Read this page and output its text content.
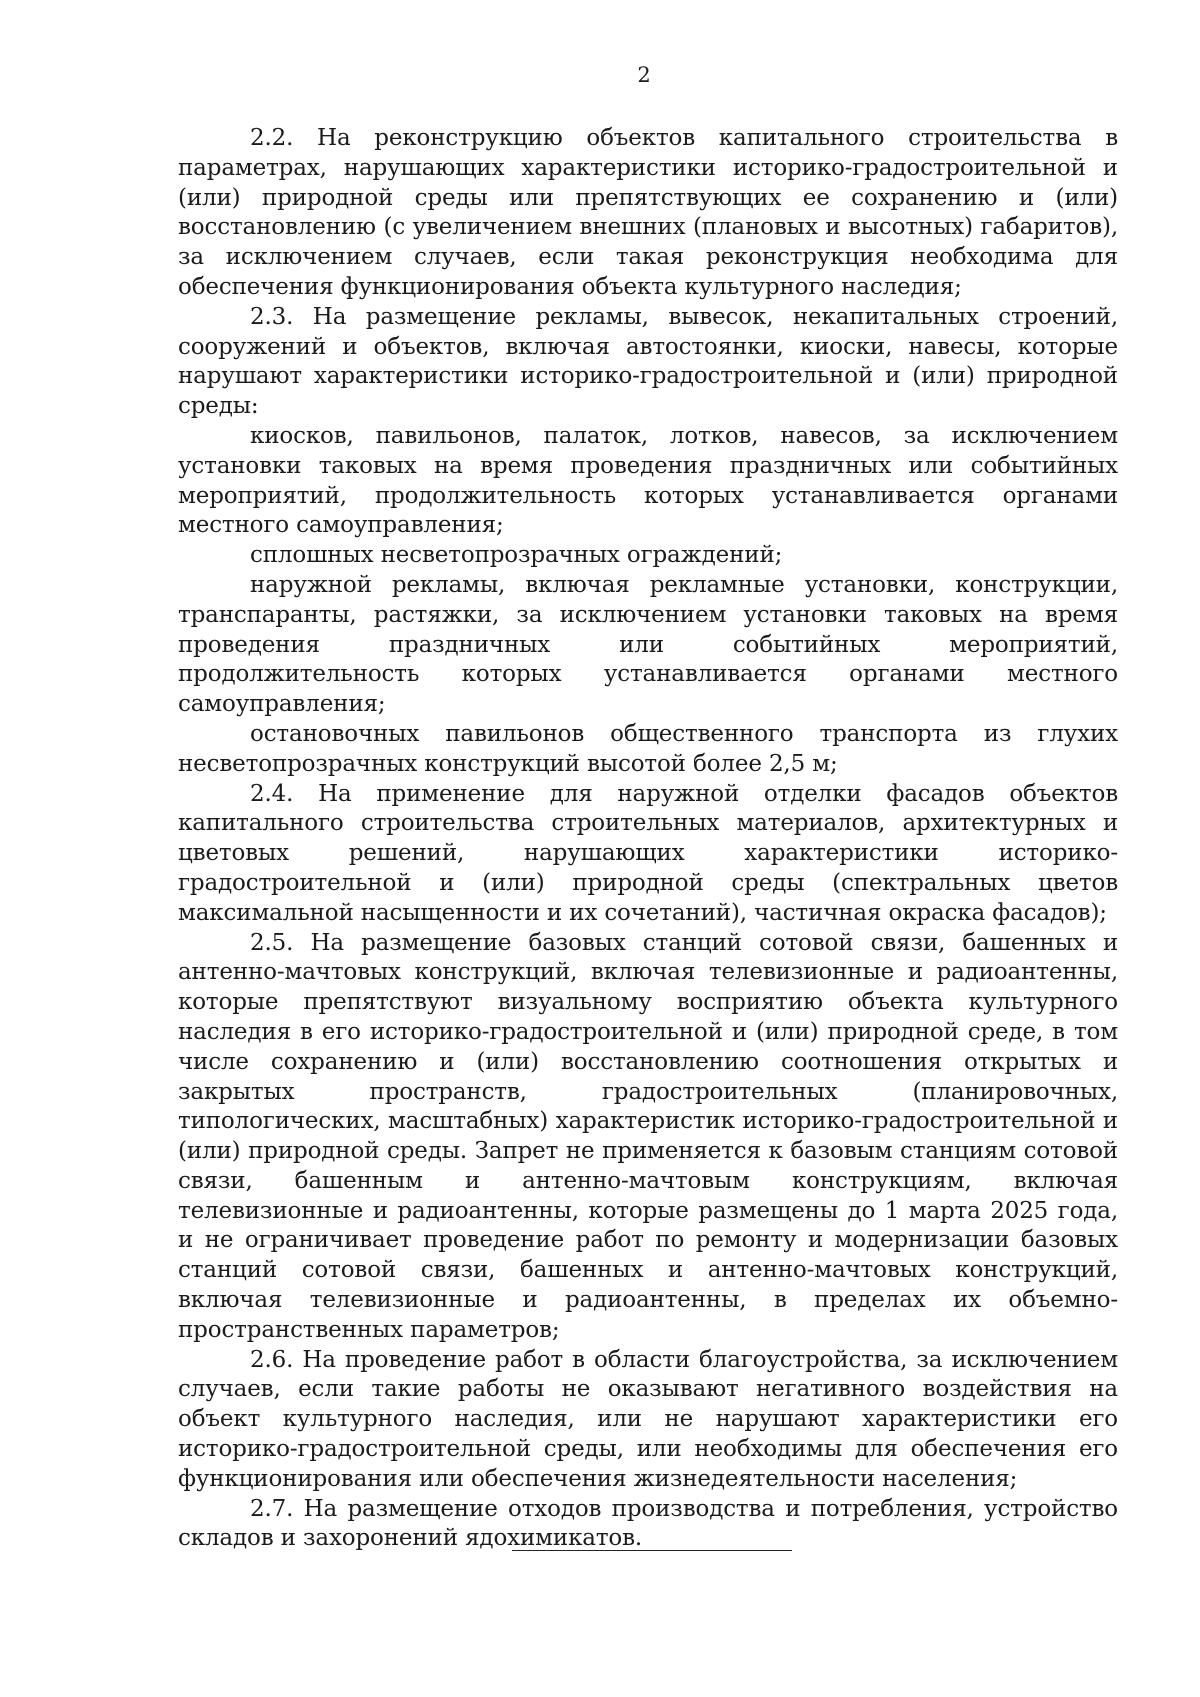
2

2.2. На реконструкцию объектов капитального строительства в параметрах, нарушающих характеристики историко-градостроительной и (или) природной среды или препятствующих ее сохранению и (или) восстановлению (с увеличением внешних (плановых и высотных) габаритов), за исключением случаев, если такая реконструкция необходима для обеспечения функционирования объекта культурного наследия;

2.3. На размещение рекламы, вывесок, некапитальных строений, сооружений и объектов, включая автостоянки, киоски, навесы, которые нарушают характеристики историко-градостроительной и (или) природной среды:

киосков, павильонов, палаток, лотков, навесов, за исключением установки таковых на время проведения праздничных или событийных мероприятий, продолжительность которых устанавливается органами местного самоуправления;

сплошных несветопрозрачных ограждений;

наружной рекламы, включая рекламные установки, конструкции, транспаранты, растяжки, за исключением установки таковых на время проведения праздничных или событийных мероприятий, продолжительность которых устанавливается органами местного самоуправления;

остановочных павильонов общественного транспорта из глухих несветопрозрачных конструкций высотой более 2,5 м;

2.4. На применение для наружной отделки фасадов объектов капитального строительства строительных материалов, архитектурных и цветовых решений, нарушающих характеристики историко-градостроительной и (или) природной среды (спектральных цветов максимальной насыщенности и их сочетаний), частичная окраска фасадов);

2.5. На размещение базовых станций сотовой связи, башенных и антенно-мачтовых конструкций, включая телевизионные и радиоантенны, которые препятствуют визуальному восприятию объекта культурного наследия в его историко-градостроительной и (или) природной среде, в том числе сохранению и (или) восстановлению соотношения открытых и закрытых пространств, градостроительных (планировочных, типологических, масштабных) характеристик историко-градостроительной и (или) природной среды. Запрет не применяется к базовым станциям сотовой связи, башенным и антенно-мачтовым конструкциям, включая телевизионные и радиоантенны, которые размещены до 1 марта 2025 года, и не ограничивает проведение работ по ремонту и модернизации базовых станций сотовой связи, башенных и антенно-мачтовых конструкций, включая телевизионные и радиоантенны, в пределах их объемно-пространственных параметров;

2.6. На проведение работ в области благоустройства, за исключением случаев, если такие работы не оказывают негативного воздействия на объект культурного наследия, или не нарушают характеристики его историко-градостроительной среды, или необходимы для обеспечения его функционирования или обеспечения жизнедеятельности населения;

2.7. На размещение отходов производства и потребления, устройство складов и захоронений ядохимикатов.
